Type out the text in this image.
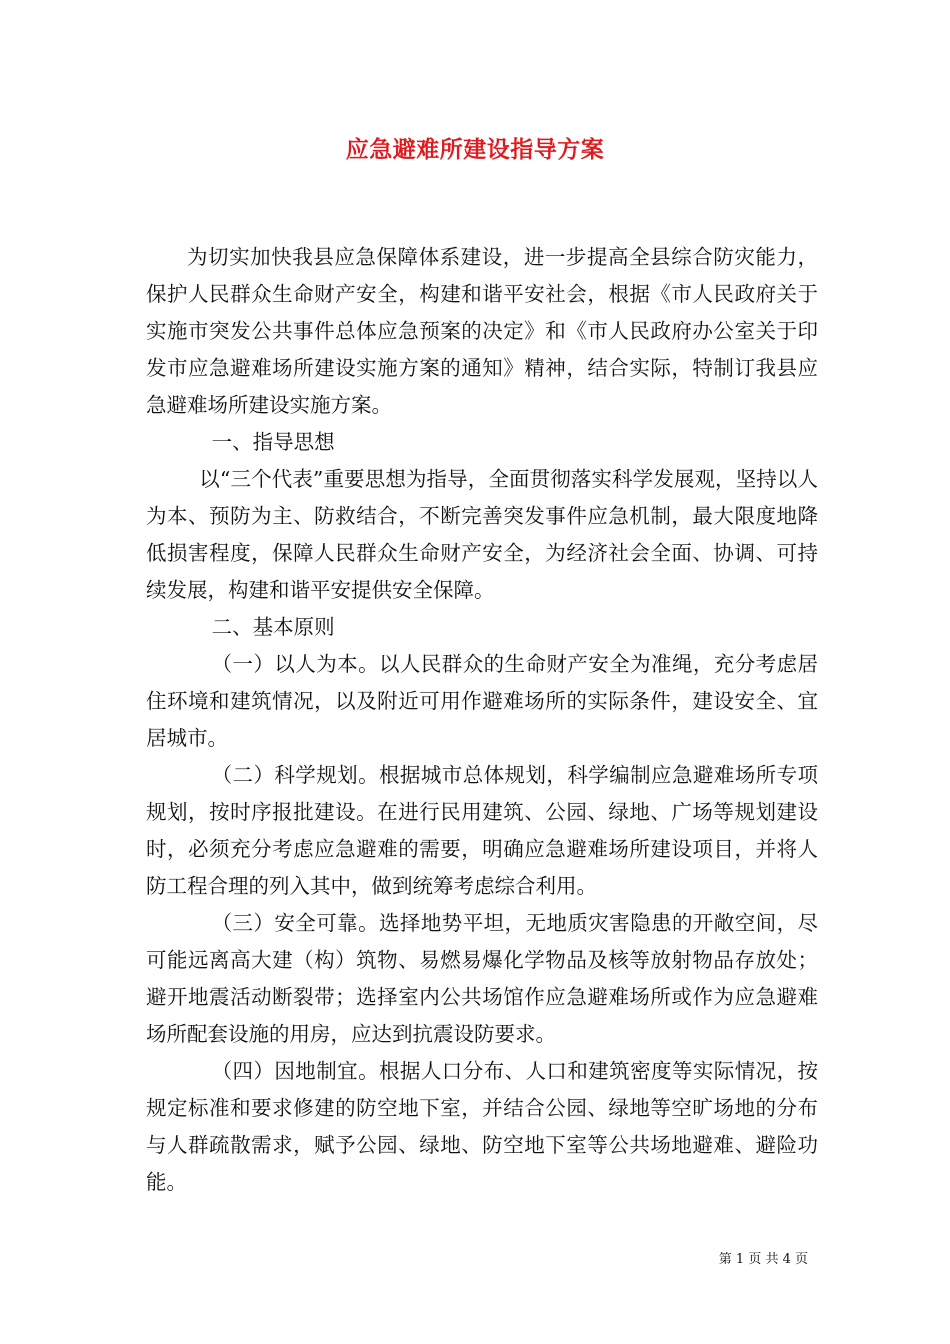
应急避难所建设指导方案

为切实加快我县应急保障体系建设，进一步提高全县综合防灾能力，保护人民群众生命财产安全，构建和谐平安社会，根据《市人民政府关于实施市突发公共事件总体应急预案的决定》和《市人民政府办公室关于印发市应急避难场所建设实施方案的通知》精神，结合实际，特制订我县应急避难场所建设实施方案。

一、指导思想

以“三个代表”重要思想为指导，全面贯彻落实科学发展观，坚持以人为本、预防为主、防救结合，不断完善突发事件应急机制，最大限度地降低损害程度，保障人民群众生命财产安全，为经济社会全面、协调、可持续发展，构建和谐平安提供安全保障。

二、基本原则

（一）以人为本。以人民群众的生命财产安全为准绳，充分考虑居住环境和建筑情况，以及附近可用作避难场所的实际条件，建设安全、宜居城市。

（二）科学规划。根据城市总体规划，科学编制应急避难场所专项规划，按时序报批建设。在进行民用建筑、公园、绿地、广场等规划建设时，必须充分考虑应急避难的需要，明确应急避难场所建设项目，并将人防工程合理的列入其中，做到统筹考虑综合利用。

（三）安全可靠。选择地势平坦，无地质灾害隐患的开敞空间，尽可能远离高大建（构）筑物、易燃易爆化学物品及核等放射物品存放处；避开地震活动断裂带；选择室内公共场馆作应急避难场所或作为应急避难场所配套设施的用房，应达到抗震设防要求。

（四）因地制宜。根据人口分布、人口和建筑密度等实际情况，按规定标准和要求修建的防空地下室，并结合公园、绿地等空旷场地的分布与人群疏散需求，赋予公园、绿地、防空地下室等公共场地避难、避险功能。

第 1 页 共 4 页
